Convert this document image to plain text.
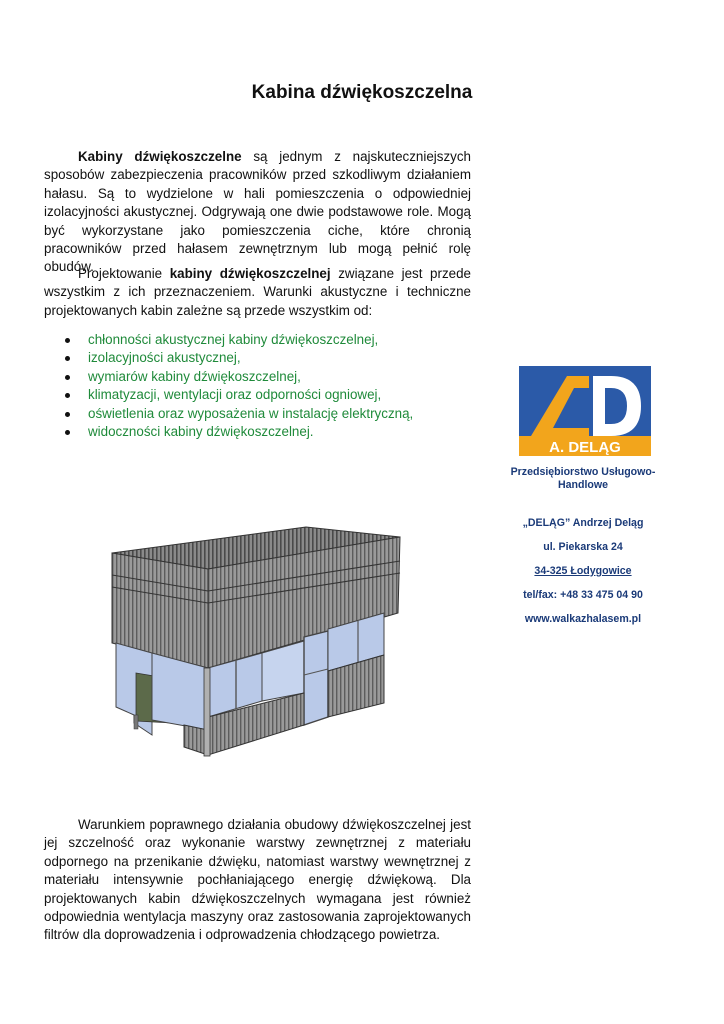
Kabina dźwiękoszczelna

Kabiny dźwiękoszczelne są jednym z najskuteczniejszych sposobów zabezpieczenia pracowników przed szkodliwym działaniem hałasu. Są to wydzielone w hali pomieszczenia o odpowiedniej izolacyjności akustycznej. Odgrywają one dwie podstawowe role. Mogą być wykorzystane jako pomieszczenia ciche, które chronią pracowników przed hałasem zewnętrznym lub mogą pełnić rolę obudów.

Projektowanie kabiny dźwiękoszczelnej związane jest przede wszystkim z ich przeznaczeniem. Warunki akustyczne i techniczne projektowanych kabin zależne są przede wszystkim od:

chłonności akustycznej kabiny dźwiękoszczelnej,
izolacyjności akustycznej,
wymiarów kabiny dźwiękoszczelnej,
klimatyzacji, wentylacji oraz odporności ogniowej,
oświetlenia oraz wyposażenia w instalację elektryczną,
widoczności kabiny dźwiękoszczelnej.
A. DELĄG
Przedsiębiorstwo Usługowo-Handlowe
„DELĄG” Andrzej Deląg
ul. Piekarska 24
34-325 Łodygowice
tel/fax: +48 33 475 04 90
www.walkazhalasem.pl

Warunkiem poprawnego działania obudowy dźwiękoszczelnej jest jej szczelność oraz wykonanie warstwy zewnętrznej z materiału odpornego na przenikanie dźwięku, natomiast warstwy wewnętrznej z materiału intensywnie pochłaniającego energię dźwiękową. Dla projektowanych kabin dźwiękoszczelnych wymagana jest również odpowiednia wentylacja maszyny oraz zastosowania zaprojektowanych filtrów dla doprowadzenia i odprowadzenia chłodzącego powietrza.
